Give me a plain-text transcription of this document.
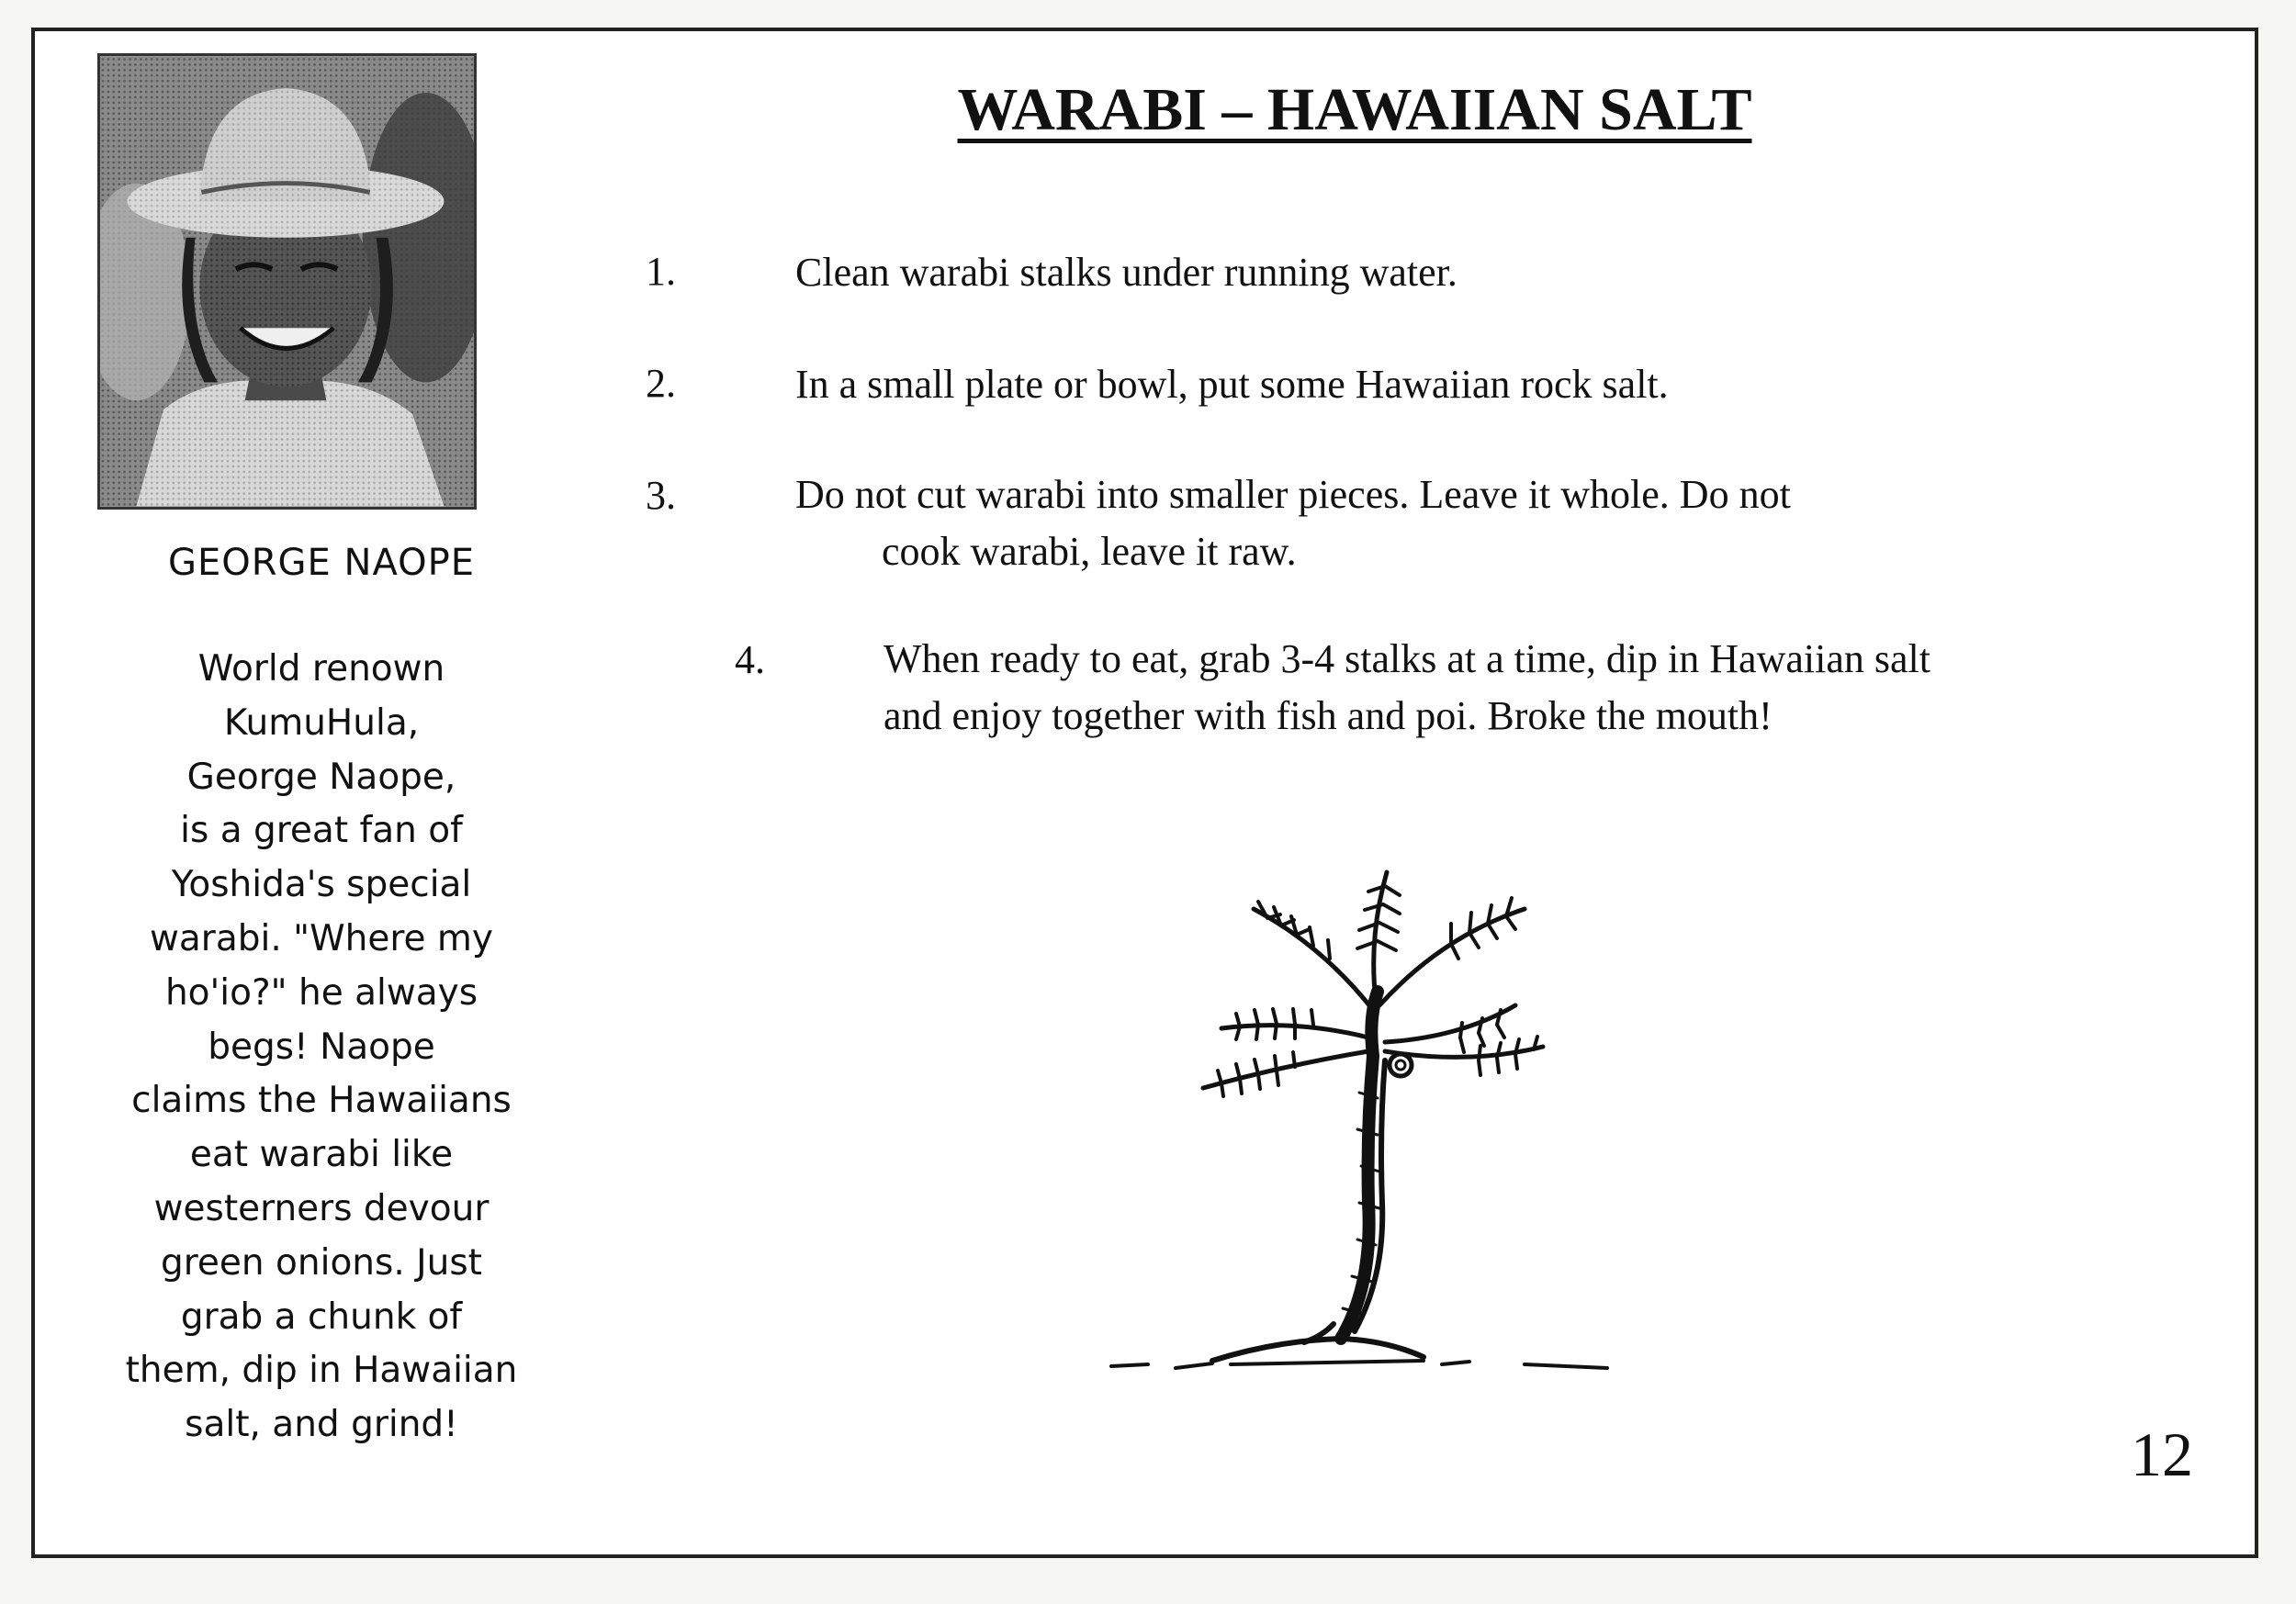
GEORGE NAOPE
World renown
KumuHula,
George Naope,
is a great fan of
Yoshida's special
warabi. "Where my
ho'io?" he always
begs! Naope
claims the Hawaiians
eat warabi like
westerners devour
green onions. Just
grab a chunk of
them, dip in Hawaiian
salt, and grind!
WARABI – HAWAIIAN SALT
1.	Clean warabi stalks under running water.
2.	In a small plate or bowl, put some Hawaiian rock salt.
3.	Do not cut warabi into smaller pieces. Leave it whole. Do not
cook warabi, leave it raw.
4.	When ready to eat, grab 3-4 stalks at a time, dip in Hawaiian salt
and enjoy together with fish and poi. Broke the mouth!
12
